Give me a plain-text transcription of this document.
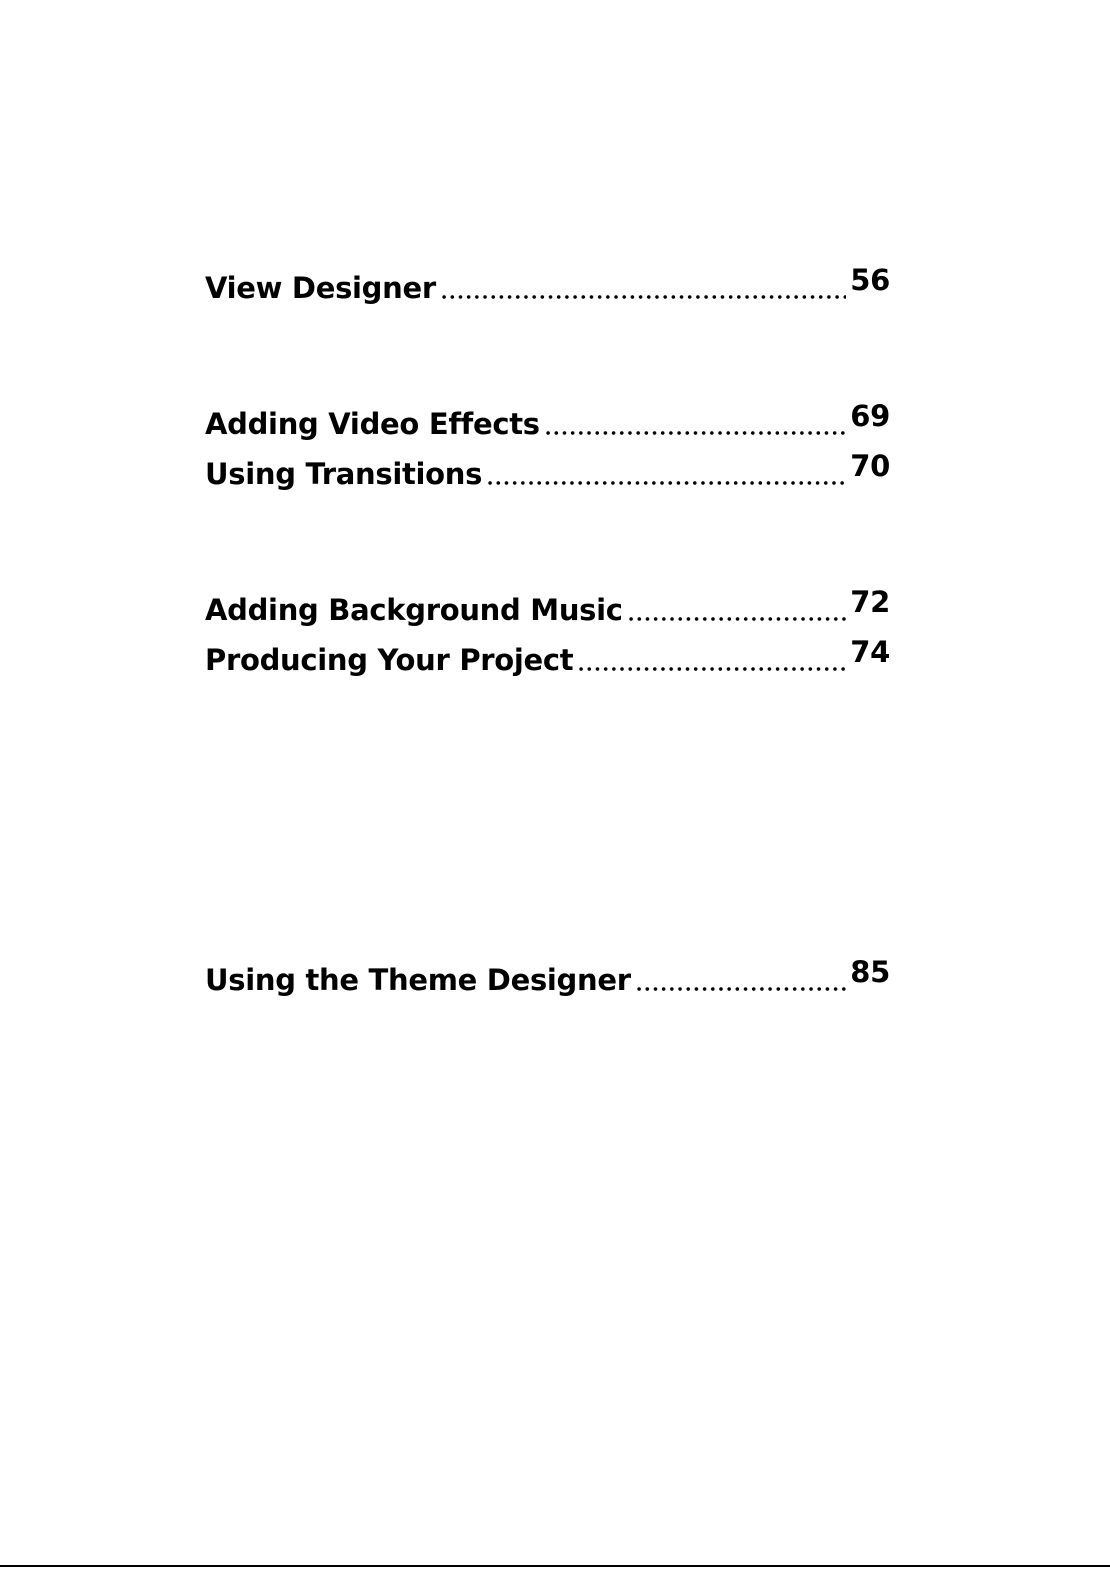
View Designer	56
Adding Video Effects	69
Using Transitions	70
Adding Background Music	72
Producing Your Project	74
Using the Theme Designer	85
